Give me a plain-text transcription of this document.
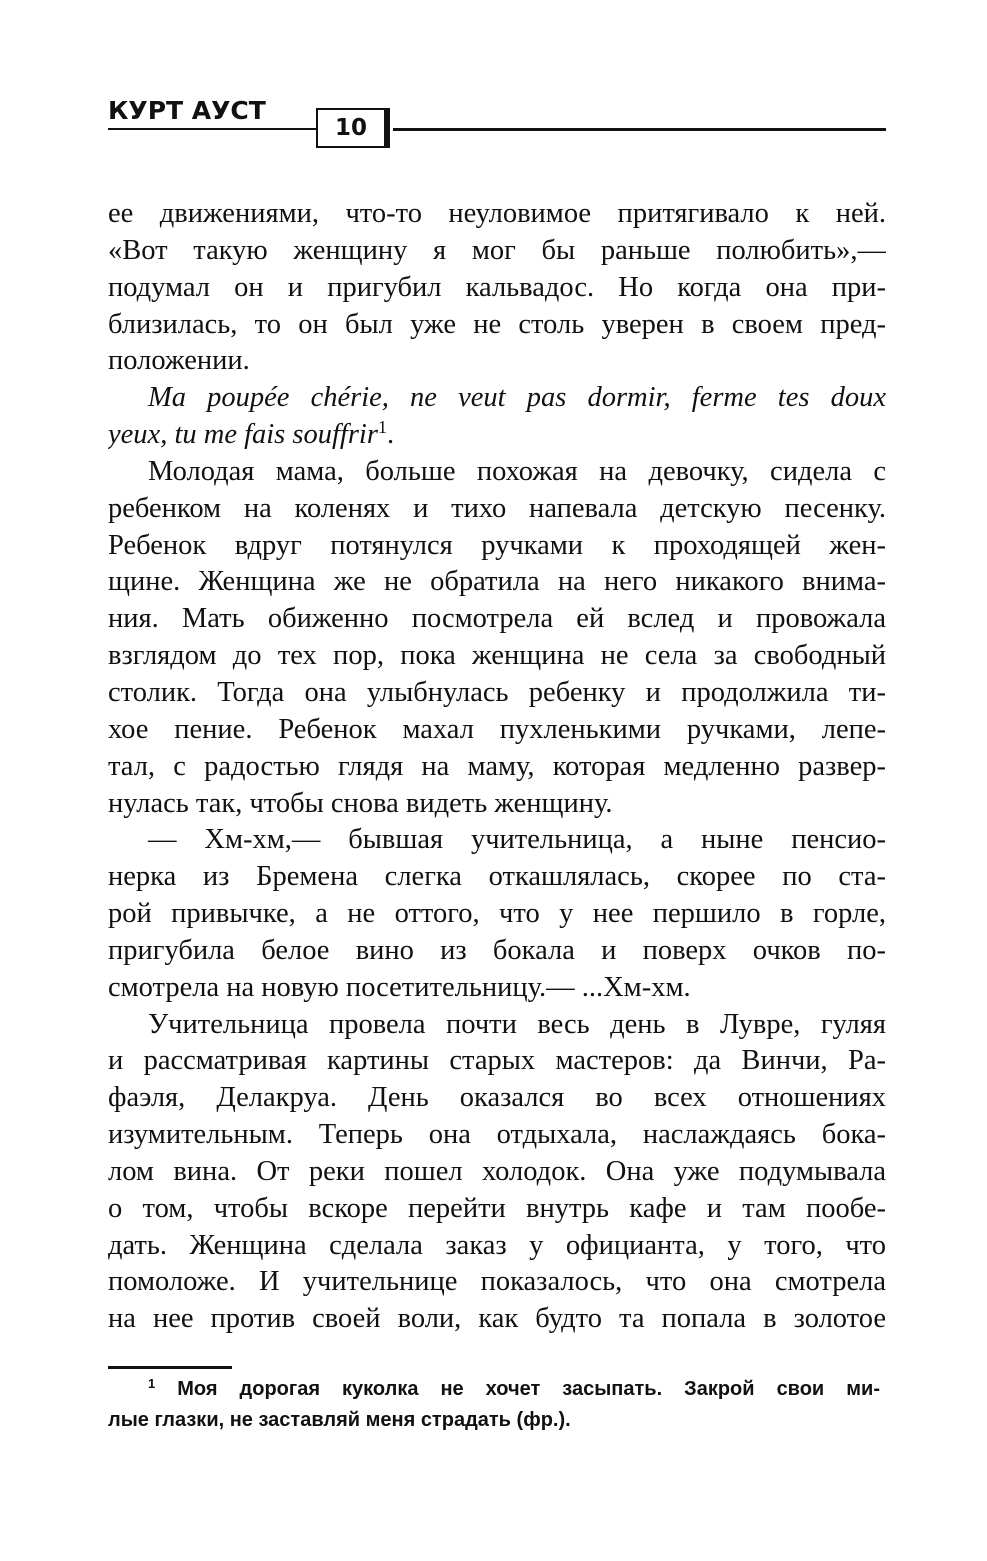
КУРТ АУСТ
10
ее движениями, что-то неуловимое притягивало к ней.
«Вот такую женщину я мог бы раньше полюбить»,—
подумал он и пригубил кальвадос. Но когда она при-
близилась, то он был уже не столь уверен в своем пред-
положении.
Ma poupée chérie, ne veut pas dormir, ferme tes doux
yeux, tu me fais souffrir$^1$.
Молодая мама, больше похожая на девочку, сидела с
ребенком на коленях и тихо напевала детскую песенку.
Ребенок вдруг потянулся ручками к проходящей жен-
щине. Женщина же не обратила на него никакого внима-
ния. Мать обиженно посмотрела ей вслед и провожала
взглядом до тех пор, пока женщина не села за свободный
столик. Тогда она улыбнулась ребенку и продолжила ти-
хое пение. Ребенок махал пухленькими ручками, лепе-
тал, с радостью глядя на маму, которая медленно развер-
нулась так, чтобы снова видеть женщину.
— Хм-хм,— бывшая учительница, а ныне пенсио-
нерка из Бремена слегка откашлялась, скорее по ста-
рой привычке, а не оттого, что у нее першило в горле,
пригубила белое вино из бокала и поверх очков по-
смотрела на новую посетительницу.— ...Хм-хм.
Учительница провела почти весь день в Лувре, гуляя
и рассматривая картины старых мастеров: да Винчи, Ра-
фаэля, Делакруа. День оказался во всех отношениях
изумительным. Теперь она отдыхала, наслаждаясь бока-
лом вина. От реки пошел холодок. Она уже подумывала
о том, чтобы вскоре перейти внутрь кафе и там пообе-
дать. Женщина сделала заказ у официанта, у того, что
помоложе. И учительнице показалось, что она смотрела
на нее против своей воли, как будто та попала в золотое
$^1$ Моя дорогая куколка не хочет засыпать. Закрой свои ми-
лые глазки, не заставляй меня страдать (фр.).
